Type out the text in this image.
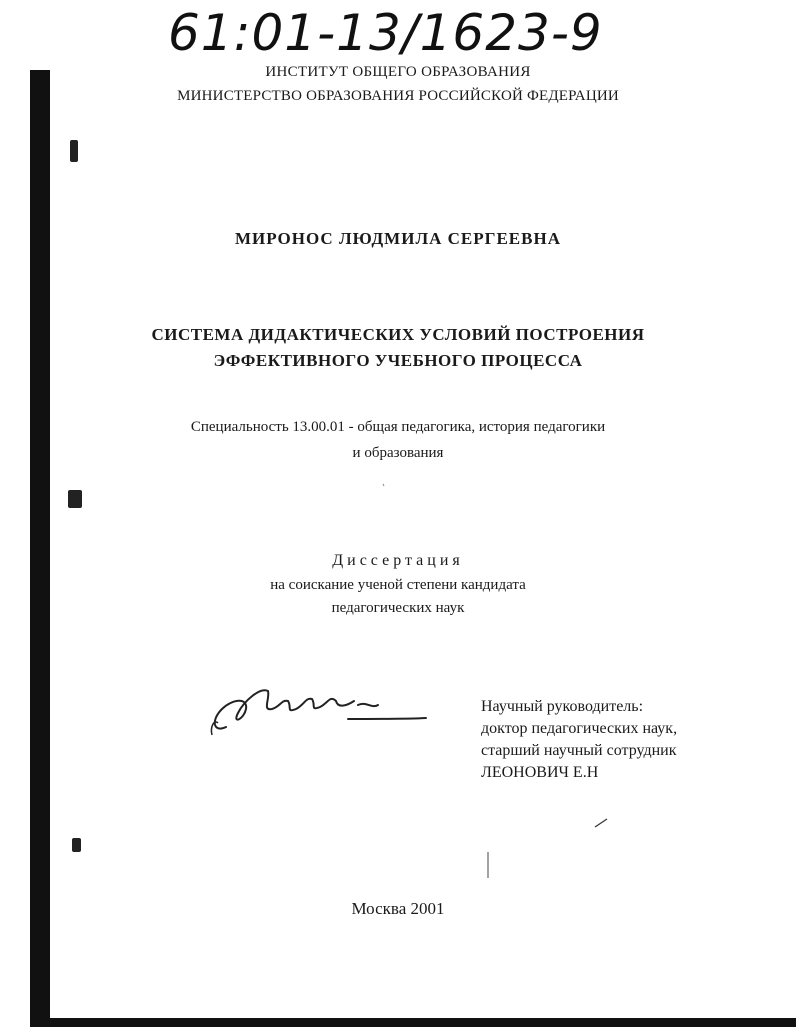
61:01-13/1623-9
ИНСТИТУТ ОБЩЕГО ОБРАЗОВАНИЯ
МИНИСТЕРСТВО ОБРАЗОВАНИЯ РОССИЙСКОЙ ФЕДЕРАЦИИ
МИРОНОС ЛЮДМИЛА СЕРГЕЕВНА
СИСТЕМА ДИДАКТИЧЕСКИХ УСЛОВИЙ ПОСТРОЕНИЯ
ЭФФЕКТИВНОГО УЧЕБНОГО ПРОЦЕССА
Специальность 13.00.01 - общая педагогика, история педагогики
и образования
Диссертация
на соискание ученой степени кандидата
педагогических наук
Научный руководитель:
доктор педагогических наук,
старший научный сотрудник
ЛЕОНОВИЧ Е.Н
Москва 2001
